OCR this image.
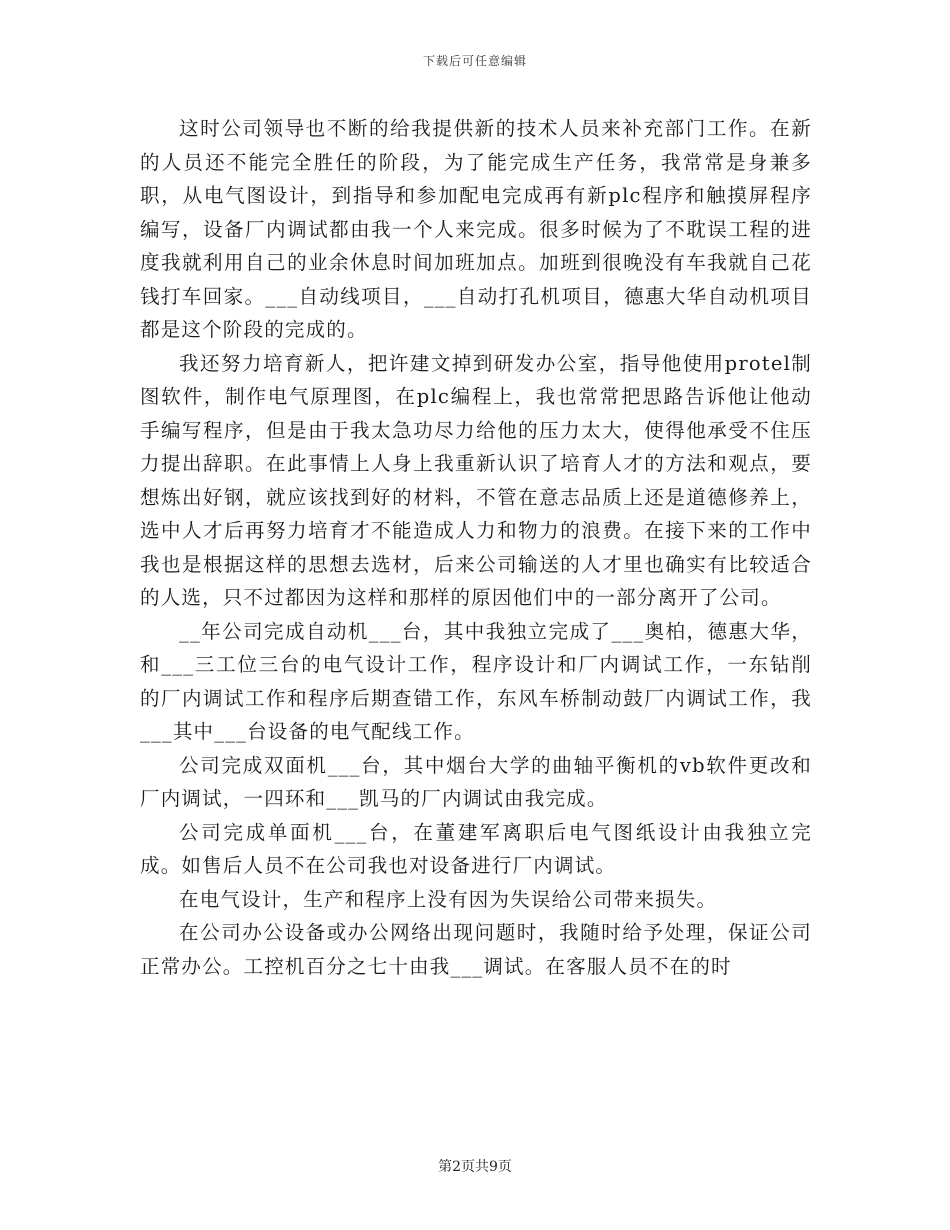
下载后可任意编辑

这时公司领导也不断的给我提供新的技术人员来补充部门工作。在新的人员还不能完全胜任的阶段，为了能完成生产任务，我常常是身兼多职，从电气图设计，到指导和参加配电完成再有新plc程序和触摸屏程序编写，设备厂内调试都由我一个人来完成。很多时候为了不耽误工程的进度我就利用自己的业余休息时间加班加点。加班到很晚没有车我就自己花钱打车回家。___自动线项目，___自动打孔机项目，德惠大华自动机项目都是这个阶段的完成的。

我还努力培育新人，把许建文掉到研发办公室，指导他使用protel制图软件，制作电气原理图，在plc编程上，我也常常把思路告诉他让他动手编写程序，但是由于我太急功尽力给他的压力太大，使得他承受不住压力提出辞职。在此事情上人身上我重新认识了培育人才的方法和观点，要想炼出好钢，就应该找到好的材料，不管在意志品质上还是道德修养上，选中人才后再努力培育才不能造成人力和物力的浪费。在接下来的工作中我也是根据这样的思想去选材，后来公司输送的人才里也确实有比较适合的人选，只不过都因为这样和那样的原因他们中的一部分离开了公司。

__年公司完成自动机___台，其中我独立完成了___奥柏，德惠大华，和___三工位三台的电气设计工作，程序设计和厂内调试工作，一东钻削的厂内调试工作和程序后期查错工作，东风车桥制动鼓厂内调试工作，我___其中___台设备的电气配线工作。

公司完成双面机___台，其中烟台大学的曲轴平衡机的vb软件更改和厂内调试，一四环和___凯马的厂内调试由我完成。

公司完成单面机___台，在董建军离职后电气图纸设计由我独立完成。如售后人员不在公司我也对设备进行厂内调试。

在电气设计，生产和程序上没有因为失误给公司带来损失。

在公司办公设备或办公网络出现问题时，我随时给予处理，保证公司正常办公。工控机百分之七十由我___调试。在客服人员不在的时

第2页共9页
